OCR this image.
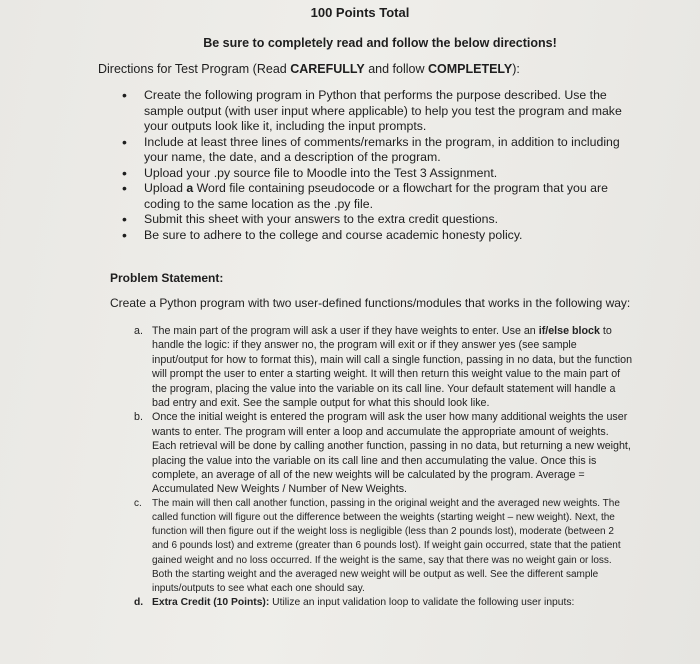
100 Points Total
Be sure to completely read and follow the below directions!
Directions for Test Program (Read CAREFULLY and follow COMPLETELY):
• Create the following program in Python that performs the purpose described. Use the sample output (with user input where applicable) to help you test the program and make your outputs look like it, including the input prompts.
• Include at least three lines of comments/remarks in the program, in addition to including your name, the date, and a description of the program.
• Upload your .py source file to Moodle into the Test 3 Assignment.
• Upload a Word file containing pseudocode or a flowchart for the program that you are coding to the same location as the .py file.
• Submit this sheet with your answers to the extra credit questions.
• Be sure to adhere to the college and course academic honesty policy.
Problem Statement:
Create a Python program with two user-defined functions/modules that works in the following way:
a. The main part of the program will ask a user if they have weights to enter. Use an if/else block to handle the logic: if they answer no, the program will exit or if they answer yes (see sample input/output for how to format this), main will call a single function, passing in no data, but the function will prompt the user to enter a starting weight. It will then return this weight value to the main part of the program, placing the value into the variable on its call line. Your default statement will handle a bad entry and exit. See the sample output for what this should look like.
b. Once the initial weight is entered the program will ask the user how many additional weights the user wants to enter. The program will enter a loop and accumulate the appropriate amount of weights. Each retrieval will be done by calling another function, passing in no data, but returning a new weight, placing the value into the variable on its call line and then accumulating the value. Once this is complete, an average of all of the new weights will be calculated by the program. Average = Accumulated New Weights / Number of New Weights.
c. The main will then call another function, passing in the original weight and the averaged new weights. The called function will figure out the difference between the weights (starting weight – new weight). Next, the function will then figure out if the weight loss is negligible (less than 2 pounds lost), moderate (between 2 and 6 pounds lost) and extreme (greater than 6 pounds lost). If weight gain occurred, state that the patient gained weight and no loss occurred. If the weight is the same, say that there was no weight gain or loss. Both the starting weight and the averaged new weight will be output as well. See the different sample inputs/outputs to see what each one should say.
d. Extra Credit (10 Points): Utilize an input validation loop to validate the following user inputs:
